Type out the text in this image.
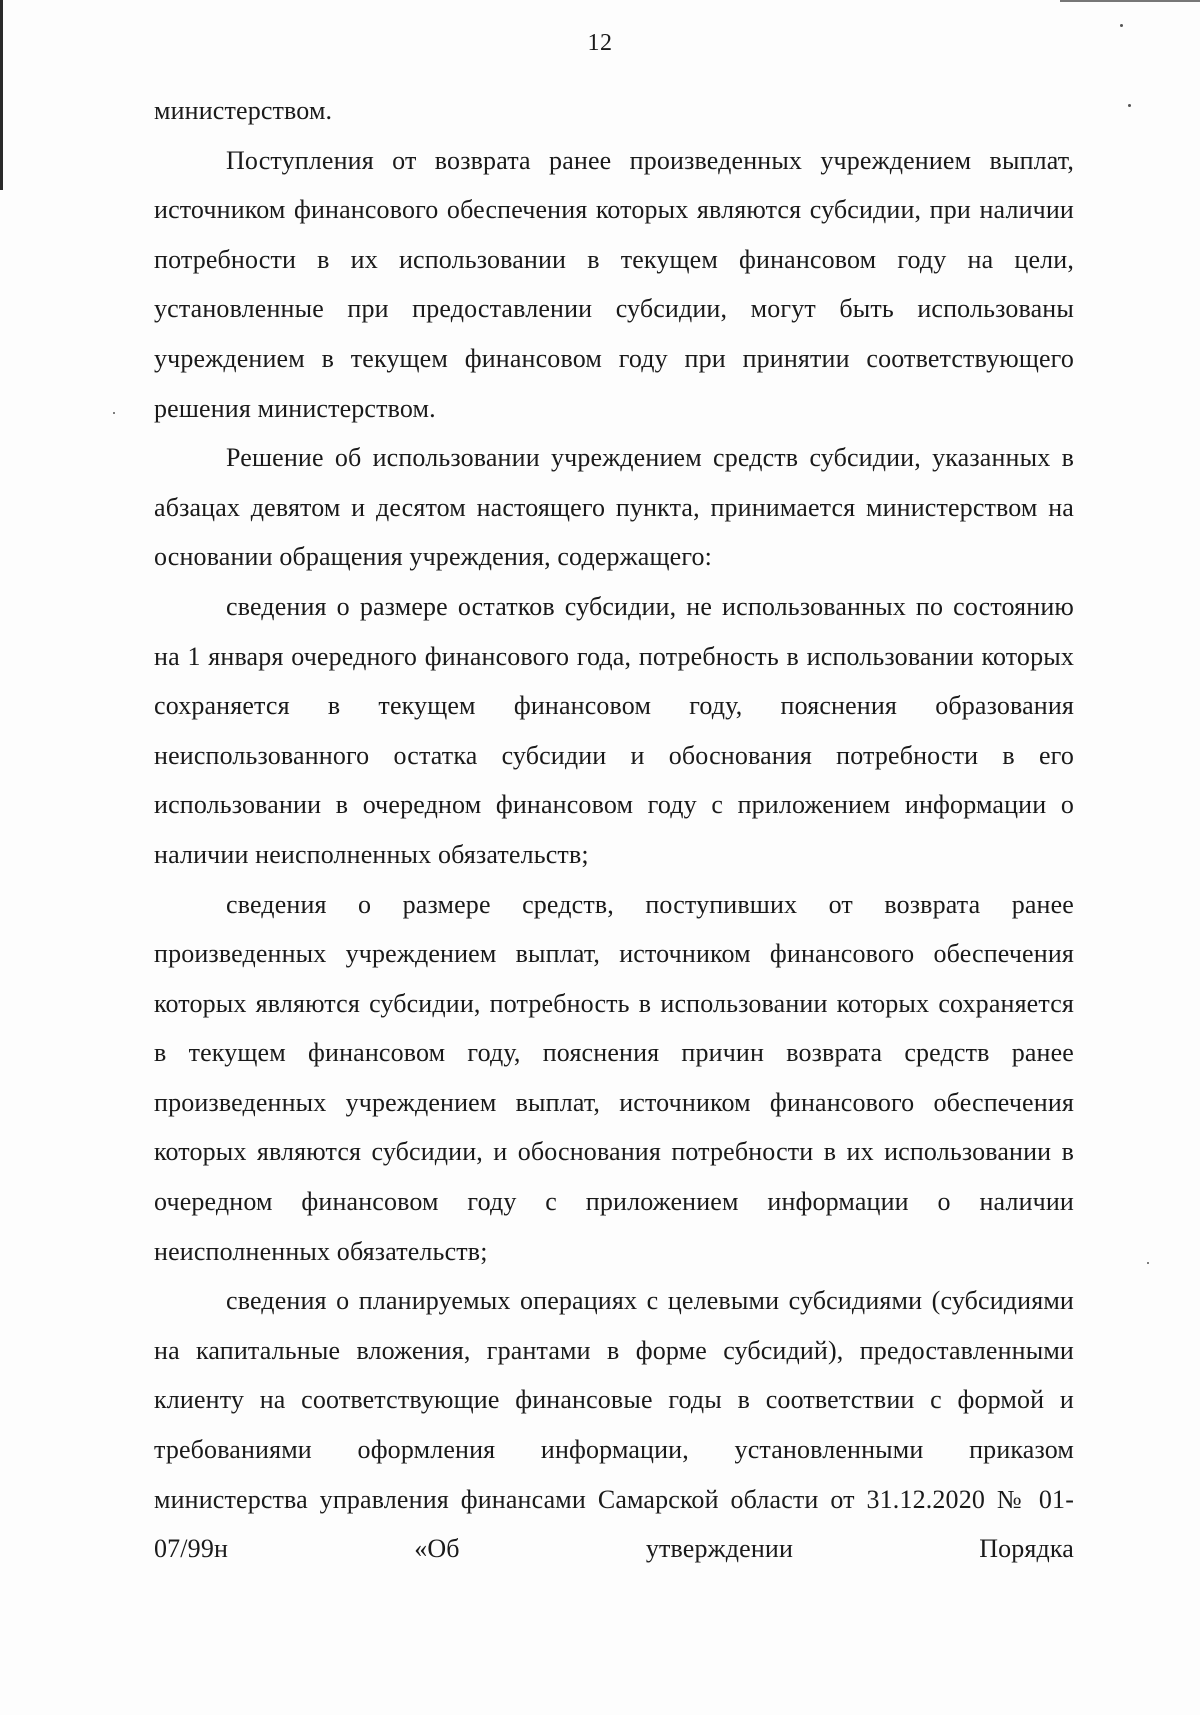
12

министерством.

Поступления от возврата ранее произведенных учреждением выплат, источником финансового обеспечения которых являются субсидии, при наличии потребности в их использовании в текущем финансовом году на цели, установленные при предоставлении субсидии, могут быть использованы учреждением в текущем финансовом году при принятии соответствующего решения министерством.

Решение об использовании учреждением средств субсидии, указанных в абзацах девятом и десятом настоящего пункта, принимается министерством на основании обращения учреждения, содержащего:

сведения о размере остатков субсидии, не использованных по состоянию на 1 января очередного финансового года, потребность в использовании которых сохраняется в текущем финансовом году, пояснения образования неиспользованного остатка субсидии и обоснования потребности в его использовании в очередном финансовом году с приложением информации о наличии неисполненных обязательств;

сведения о размере средств, поступивших от возврата ранее произведенных учреждением выплат, источником финансового обеспечения которых являются субсидии, потребность в использовании которых сохраняется в текущем финансовом году, пояснения причин возврата средств ранее произведенных учреждением выплат, источником финансового обеспечения которых являются субсидии, и обоснования потребности в их использовании в очередном финансовом году с приложением информации о наличии неисполненных обязательств;

сведения о планируемых операциях с целевыми субсидиями (субсидиями на капитальные вложения, грантами в форме субсидий), предоставленными клиенту на соответствующие финансовые годы в соответствии с формой и требованиями оформления информации, установленными приказом министерства управления финансами Самарской области от 31.12.2020 № 01-07/99н «Об утверждении Порядка
